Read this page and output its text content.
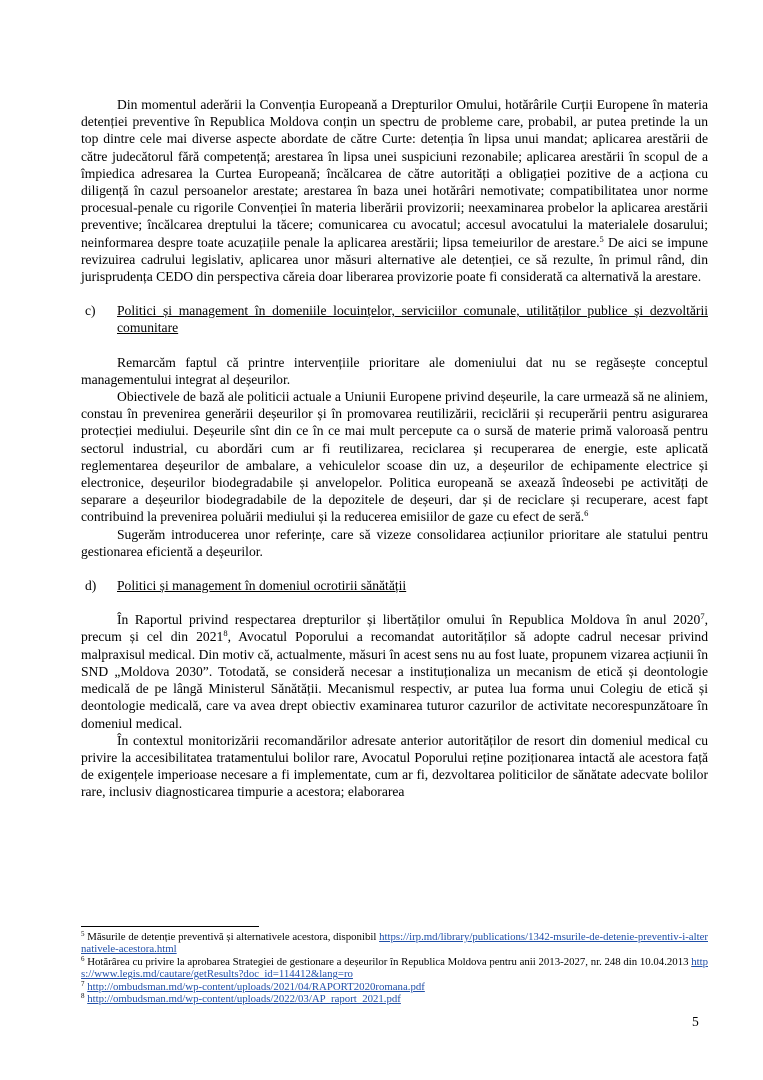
Din momentul aderării la Convenția Europeană a Drepturilor Omului, hotărârile Curții Europene în materia detenției preventive în Republica Moldova conțin un spectru de probleme care, probabil, ar putea pretinde la un top dintre cele mai diverse aspecte abordate de către Curte: detenția în lipsa unui mandat; aplicarea arestării de către judecătorul fără competență; arestarea în lipsa unei suspiciuni rezonabile; aplicarea arestării în scopul de a împiedica adresarea la Curtea Europeană; încălcarea de către autorități a obligației pozitive de a acționa cu diligență în cazul persoanelor arestate; arestarea în baza unei hotărâri nemotivate; compatibilitatea unor norme procesual-penale cu rigorile Convenției în materia liberării provizorii; neexaminarea probelor la aplicarea arestării preventive; încălcarea dreptului la tăcere; comunicarea cu avocatul; accesul avocatului la materialele dosarului; neinformarea despre toate acuzațiile penale la aplicarea arestării; lipsa temeiurilor de arestare.$^5$ De aici se impune revizuirea cadrului legislativ, aplicarea unor măsuri alternative ale detenției, ce să rezulte, în primul rând, din jurisprudența CEDO din perspectiva căreia doar liberarea provizorie poate fi considerată ca alternativă la arestare.

c)	Politici și management în domeniile locuințelor, serviciilor comunale, utilităților publice și dezvoltării comunitare

Remarcăm faptul că printre intervențiile prioritare ale domeniului dat nu se regăsește conceptul managementului integrat al deșeurilor.

Obiectivele de bază ale politicii actuale a Uniunii Europene privind deșeurile, la care urmează să ne aliniem, constau în prevenirea generării deșeurilor și în promovarea reutilizării, reciclării și recuperării pentru asigurarea protecției mediului. Deșeurile sînt din ce în ce mai mult percepute ca o sursă de materie primă valoroasă pentru sectorul industrial, cu abordări cum ar fi reutilizarea, reciclarea și recuperarea de energie, este aplicată reglementarea deșeurilor de ambalare, a vehiculelor scoase din uz, a deșeurilor de echipamente electrice și electronice, deșeurilor biodegradabile și anvelopelor. Politica europeană se axează îndeosebi pe activități de separare a deșeurilor biodegradabile de la depozitele de deșeuri, dar și de reciclare și recuperare, acest fapt contribuind la prevenirea poluării mediului și la reducerea emisiilor de gaze cu efect de seră.$^6$

Sugerăm introducerea unor referințe, care să vizeze consolidarea acțiunilor prioritare ale statului pentru gestionarea eficientă a deșeurilor.

d)	Politici și management în domeniul ocrotirii sănătății

În Raportul privind respectarea drepturilor și libertăților omului în Republica Moldova în anul 2020$^7$, precum și cel din 2021$^8$, Avocatul Poporului a recomandat autorităților să adopte cadrul necesar privind malpraxisul medical. Din motiv că, actualmente, măsuri în acest sens nu au fost luate, propunem vizarea acțiunii în SND „Moldova 2030”. Totodată, se consideră necesar a instituționaliza un mecanism de etică și deontologie medicală de pe lângă Ministerul Sănătății. Mecanismul respectiv, ar putea lua forma unui Colegiu de etică și deontologie medicală, care va avea drept obiectiv examinarea tuturor cazurilor de activitate necorespunzătoare în domeniul medical.

În contextul monitorizării recomandărilor adresate anterior autorităților de resort din domeniul medical cu privire la accesibilitatea tratamentului bolilor rare, Avocatul Poporului reține poziționarea intactă ale acestora față de exigențele imperioase necesare a fi implementate, cum ar fi, dezvoltarea politicilor de sănătate adecvate bolilor rare, inclusiv diagnosticarea timpurie a acestora; elaborarea

$^5$ Măsurile de detenție preventivă și alternativele acestora, disponibil https://irp.md/library/publications/1342-msurile-de-detenie-preventiv-i-alternativele-acestora.html

$^6$ Hotărârea cu privire la aprobarea Strategiei de gestionare a deșeurilor în Republica Moldova pentru anii 2013-2027, nr. 248 din 10.04.2013 https://www.legis.md/cautare/getResults?doc_id=114412&lang=ro

$^7$ http://ombudsman.md/wp-content/uploads/2021/04/RAPORT2020romana.pdf

$^8$ http://ombudsman.md/wp-content/uploads/2022/03/AP_raport_2021.pdf

5
